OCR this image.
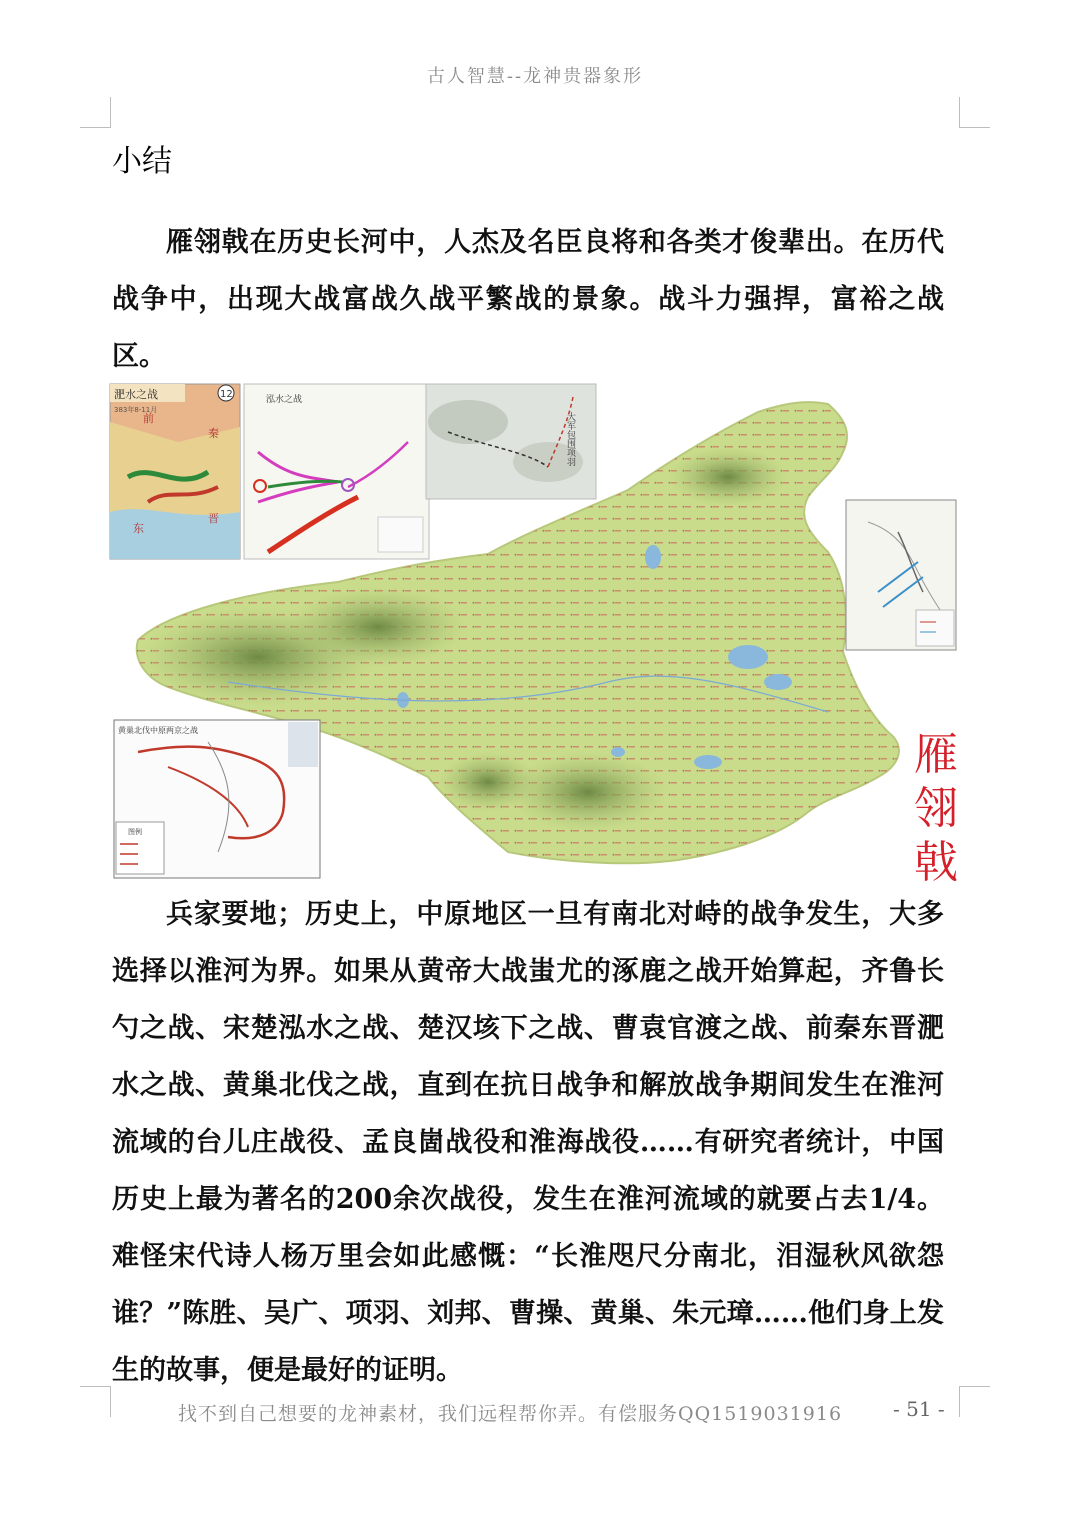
古人智慧--龙神贵器象形
小结

雁翎戟在历史长河中，人杰及名臣良将和各类才俊辈出。在历代战争中，出现大战富战久战平繁战的景象。战斗力强捍，富裕之战区。

淝水之战	12
383年8-11月
前
秦
东
晋
泓水之战
大军包围项羽
黄巢北伐中原两京之战
图例
雁
翎
戟

兵家要地；历史上，中原地区一旦有南北对峙的战争发生，大多选择以淮河为界。如果从黄帝大战蚩尤的涿鹿之战开始算起，齐鲁长勺之战、宋楚泓水之战、楚汉垓下之战、曹袁官渡之战、前秦东晋淝水之战、黄巢北伐之战，直到在抗日战争和解放战争期间发生在淮河流域的台儿庄战役、孟良崮战役和淮海战役……有研究者统计，中国历史上最为著名的200余次战役，发生在淮河流域的就要占去1/4。难怪宋代诗人杨万里会如此感慨：“长淮咫尺分南北，泪湿秋风欲怨谁？”陈胜、吴广、项羽、刘邦、曹操、黄巢、朱元璋……他们身上发生的故事，便是最好的证明。

找不到自己想要的龙神素材，我们远程帮你弄。有偿服务QQ1519031916	- 51 -
